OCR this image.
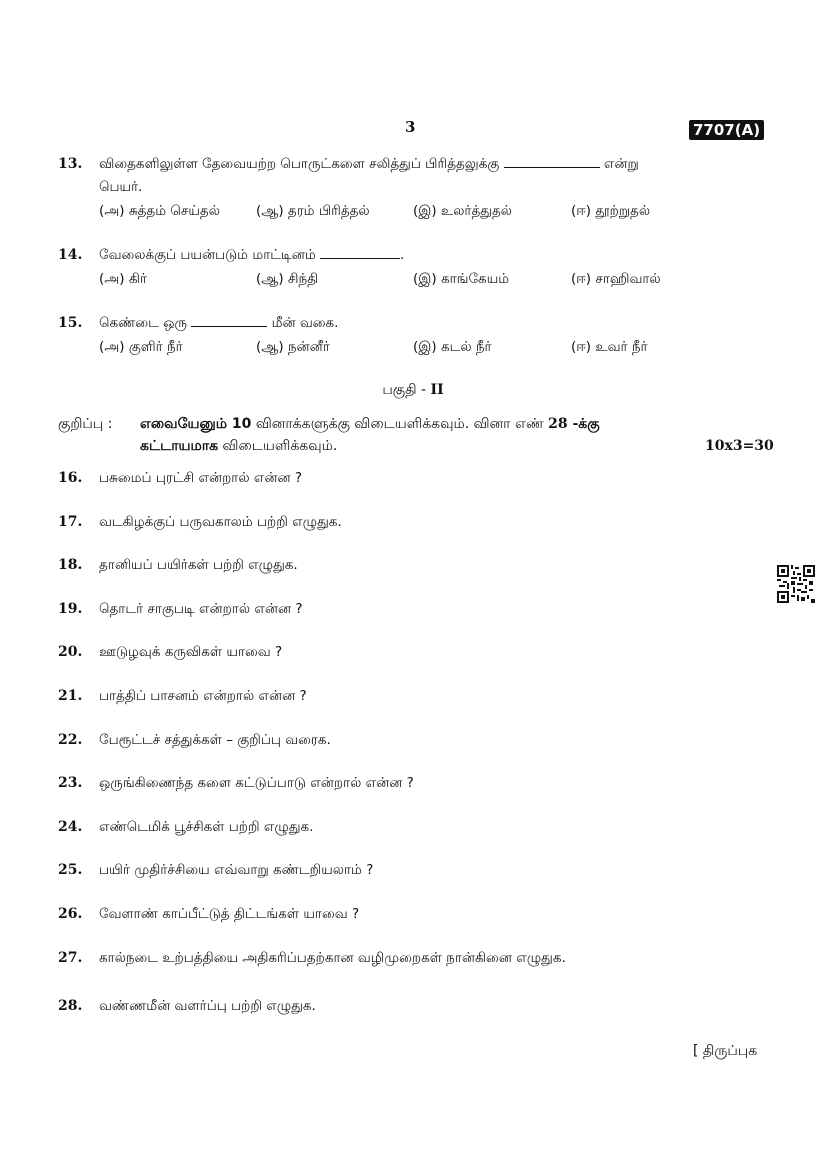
3	7707(A)
13. விதைகளிலுள்ள தேவையற்ற பொருட்களை சலித்துப் பிரித்தலுக்கு	என்று
பெயர்.
(அ) சுத்தம் செய்தல்	(ஆ) தரம் பிரித்தல்	(இ) உலர்த்துதல்	(ஈ) தூற்றுதல்
14. வேலைக்குப் பயன்படும் மாட்டினம்	.
(அ) கிர்	(ஆ) சிந்தி	(இ) காங்கேயம்	(ஈ) சாஹிவால்
15. கெண்டை ஒரு	மீன் வகை.
(அ) குளிர் நீர்	(ஆ) நன்னீர்	(இ) கடல் நீர்	(ஈ) உவர் நீர்
பகுதி - II
குறிப்பு : எவையேனும் 10 வினாக்களுக்கு விடையளிக்கவும். வினா எண் 28 -க்கு
கட்டாயமாக விடையளிக்கவும்.	10x3=30
16. பசுமைப் புரட்சி என்றால் என்ன ?
17. வடகிழக்குப் பருவகாலம் பற்றி எழுதுக.
18. தானியப் பயிர்கள் பற்றி எழுதுக.
19. தொடர் சாகுபடி என்றால் என்ன ?
20. ஊடுழவுக் கருவிகள் யாவை ?
21. பாத்திப் பாசனம் என்றால் என்ன ?
22. பேரூட்டச் சத்துக்கள் – குறிப்பு வரைக.
23. ஒருங்கிணைந்த களை கட்டுப்பாடு என்றால் என்ன ?
24. எண்டெமிக் பூச்சிகள் பற்றி எழுதுக.
25. பயிர் முதிர்ச்சியை எவ்வாறு கண்டறியலாம் ?
26. வேளாண் காப்பீட்டுத் திட்டங்கள் யாவை ?
27. கால்நடை உற்பத்தியை அதிகரிப்பதற்கான வழிமுறைகள் நான்கினை எழுதுக.
28. வண்ணமீன் வளர்ப்பு பற்றி எழுதுக.
[ திருப்புக
